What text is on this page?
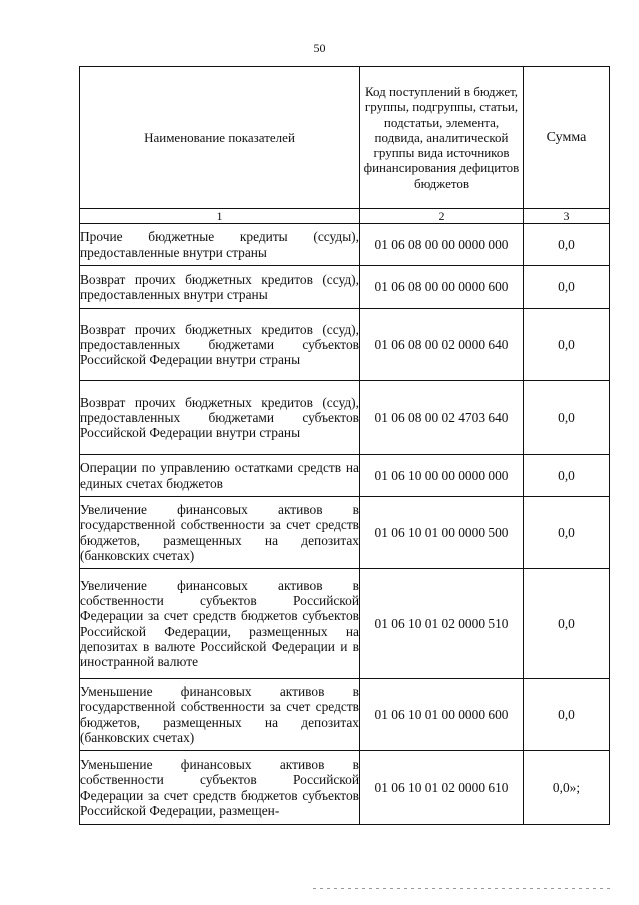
50
Наименование показателей	Код поступлений в бюджет, группы, подгруппы, статьи, подстатьи, элемента, подвида, аналитической группы вида источников финансирования дефицитов бюджетов	Сумма
1	2	3
Прочие бюджетные кредиты (ссуды), предоставленные внутри страны	01 06 08 00 00 0000 000	0,0
Возврат прочих бюджетных кредитов (ссуд), предоставленных внутри страны	01 06 08 00 00 0000 600	0,0
Возврат прочих бюджетных кредитов (ссуд), предоставленных бюджетами субъектов Российской Федерации внутри страны	01 06 08 00 02 0000 640	0,0
Возврат прочих бюджетных кредитов (ссуд), предоставленных бюджетами субъектов Российской Федерации внутри страны	01 06 08 00 02 4703 640	0,0
Операции по управлению остатками средств на единых счетах бюджетов	01 06 10 00 00 0000 000	0,0
Увеличение финансовых активов в государственной собственности за счет средств бюджетов, размещенных на депозитах (банковских счетах)	01 06 10 01 00 0000 500	0,0
Увеличение финансовых активов в собственности субъектов Российской Федерации за счет средств бюджетов субъектов Российской Федерации, размещенных на депозитах в валюте Российской Федерации и в иностранной валюте	01 06 10 01 02 0000 510	0,0
Уменьшение финансовых активов в государственной собственности за счет средств бюджетов, размещенных на депозитах (банковских счетах)	01 06 10 01 00 0000 600	0,0
Уменьшение финансовых активов в собственности субъектов Российской Федерации за счет средств бюджетов субъектов Российской Федерации, размещен-	01 06 10 01 02 0000 610	0,0»;
